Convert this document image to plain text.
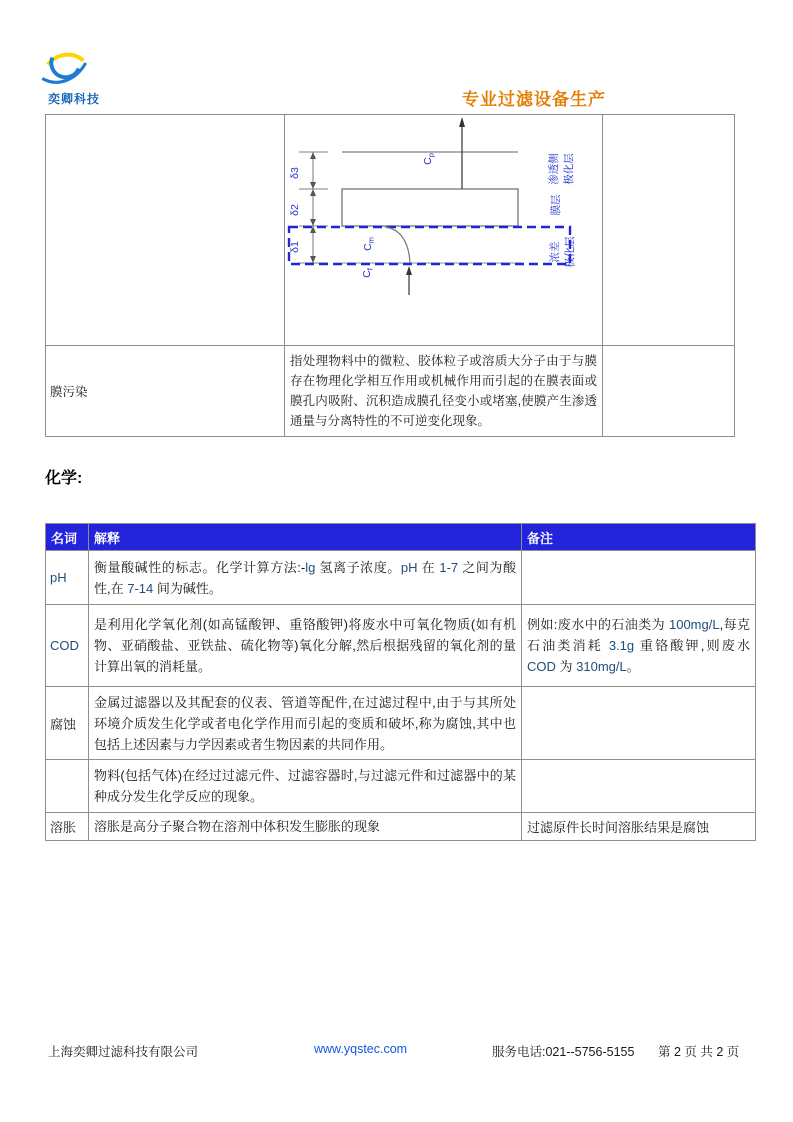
奕卿科技	专业过滤设备生产

δ3
δ2
δ1
$C_p$
$C_m$
$C_f$
渗透侧 极化层
膜层
浓差 极化层

膜污染	指处理物料中的微粒、胶体粒子或溶质大分子由于与膜存在物理化学相互作用或机械作用而引起的在膜表面或膜孔内吸附、沉积造成膜孔径变小或堵塞,使膜产生渗透通量与分离特性的不可逆变化现象。	
化学:
名词	解释	备注
pH	衡量酸碱性的标志。化学计算方法:-lg 氢离子浓度。pH 在 1-7 之间为酸性,在 7-14 间为碱性。	
COD	是利用化学氧化剂(如高锰酸钾、重铬酸钾)将废水中可氧化物质(如有机物、亚硝酸盐、亚铁盐、硫化物等)氧化分解,然后根据残留的氧化剂的量计算出氧的消耗量。	例如:废水中的石油类为 100mg/L,每克石油类消耗 3.1g 重铬酸钾,则废水 COD 为 310mg/L。
腐蚀	金属过滤器以及其配套的仪表、管道等配件,在过滤过程中,由于与其所处环境介质发生化学或者电化学作用而引起的变质和破坏,称为腐蚀,其中也包括上述因素与力学因素或者生物因素的共同作用。	
	物料(包括气体)在经过过滤元件、过滤容器时,与过滤元件和过滤器中的某种成分发生化学反应的现象。	
溶胀	溶胀是高分子聚合物在溶剂中体积发生膨胀的现象	过滤原件长时间溶胀结果是腐蚀
上海奕卿过滤科技有限公司	www.yqstec.com	服务电话:021--5756-5155 第 2 页 共 2 页
